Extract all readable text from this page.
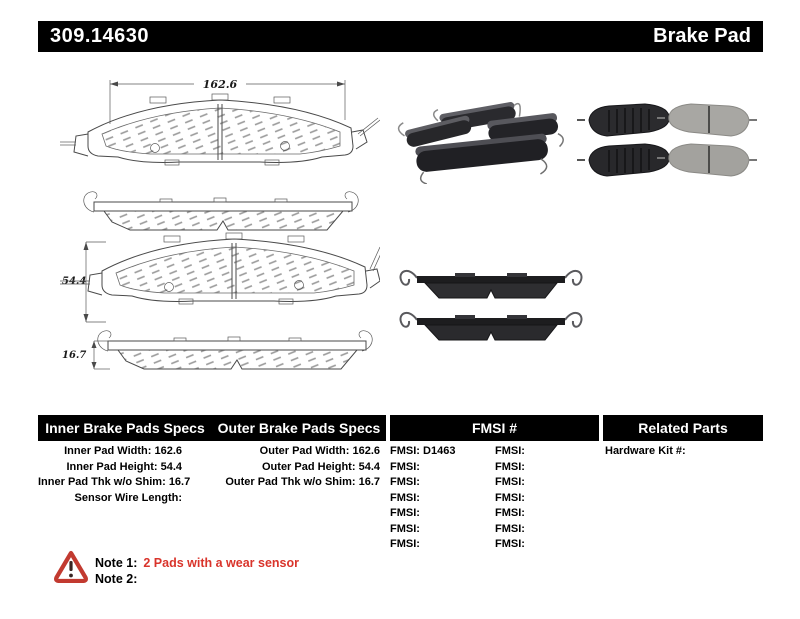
309.14630	Brake Pad
162.6
54.4
16.7
Inner Brake Pads Specs Outer Brake Pads Specs	FMSI #	Related Parts
Inner Pad Width: 162.6
Inner Pad Height: 54.4
Inner Pad Thk w/o Shim: 16.7
Sensor Wire Length:
Outer Pad Width: 162.6
Outer Pad Height: 54.4
Outer Pad Thk w/o Shim: 16.7
FMSI: D1463
FMSI:
FMSI:
FMSI:
FMSI:
FMSI:
FMSI:
FMSI:
FMSI:
FMSI:
FMSI:
FMSI:
FMSI:
FMSI:
Hardware Kit #:
Note 1: 2 Pads with a wear sensor
Note 2:
